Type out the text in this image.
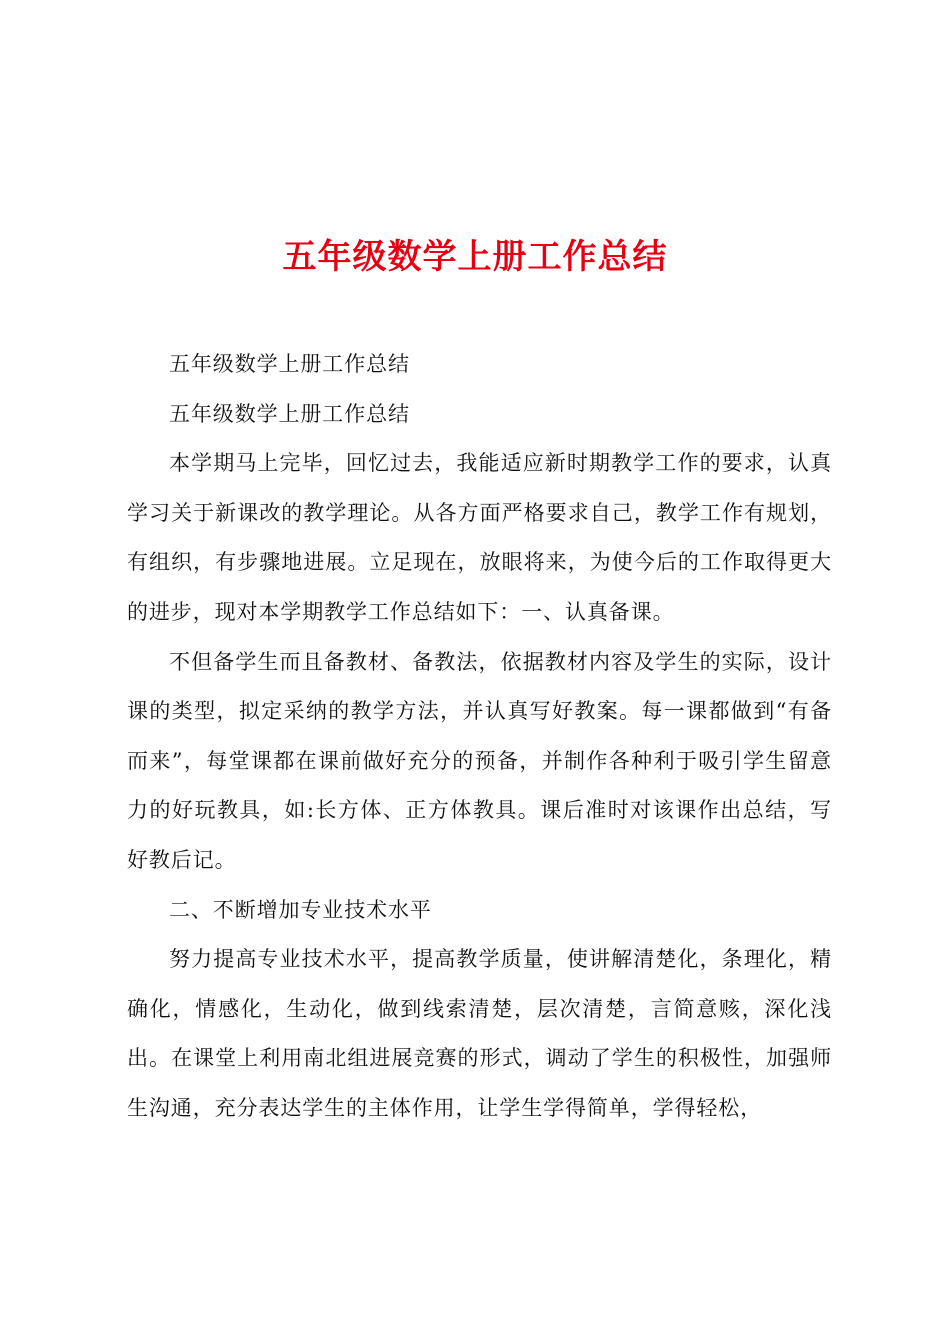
五年级数学上册工作总结

五年级数学上册工作总结

五年级数学上册工作总结

本学期马上完毕，回忆过去，我能适应新时期教学工作的要求，认真学习关于新课改的教学理论。从各方面严格要求自己，教学工作有规划，有组织，有步骤地进展。立足现在，放眼将来，为使今后的工作取得更大的进步，现对本学期教学工作总结如下：一、认真备课。

不但备学生而且备教材、备教法，依据教材内容及学生的实际，设计课的类型，拟定采纳的教学方法，并认真写好教案。每一课都做到“有备而来”，每堂课都在课前做好充分的预备，并制作各种利于吸引学生留意力的好玩教具，如:长方体、正方体教具。课后准时对该课作出总结，写好教后记。

二、不断增加专业技术水平

努力提高专业技术水平，提高教学质量，使讲解清楚化，条理化，精确化，情感化，生动化，做到线索清楚，层次清楚，言简意赅，深化浅出。在课堂上利用南北组进展竞赛的形式，调动了学生的积极性，加强师生沟通，充分表达学生的主体作用，让学生学得简单，学得轻松，
